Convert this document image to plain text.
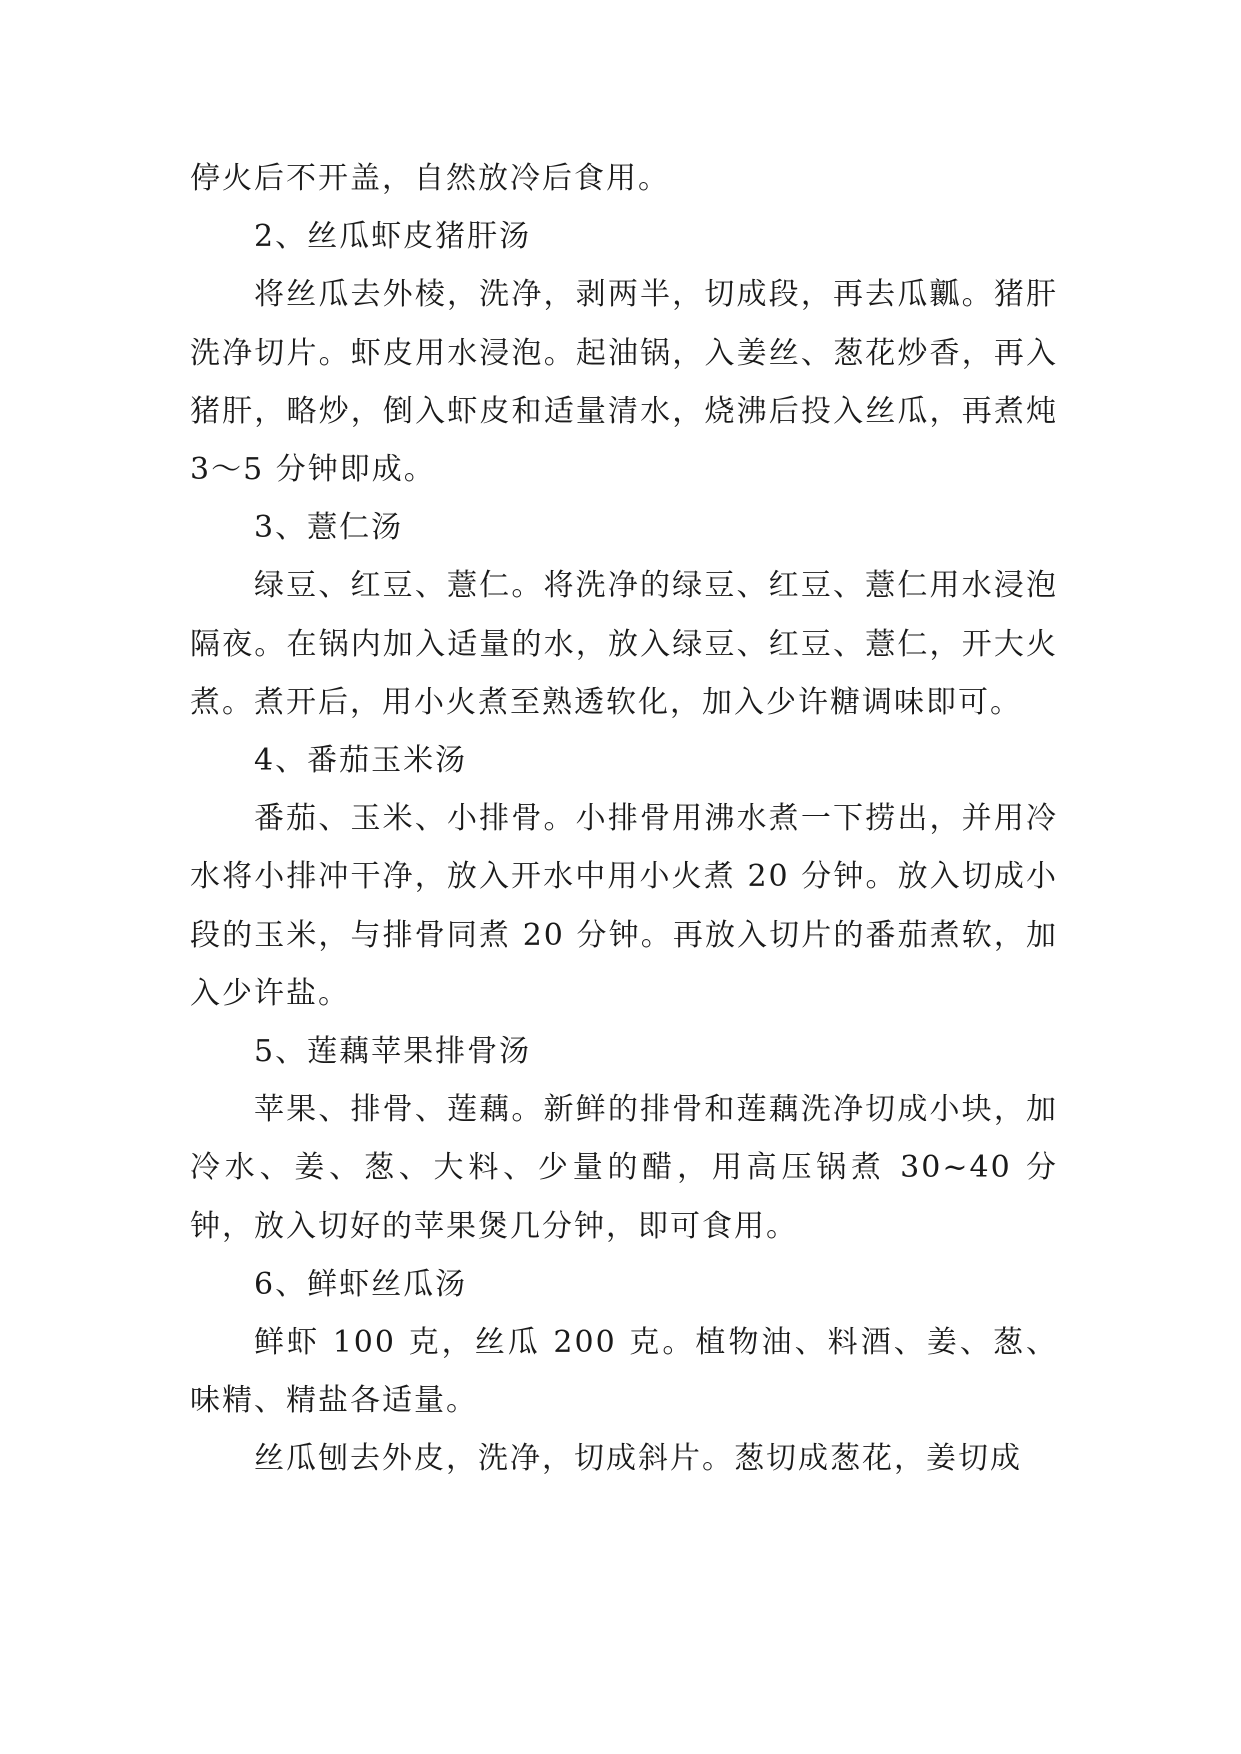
停火后不开盖，自然放冷后食用。

2、丝瓜虾皮猪肝汤

将丝瓜去外棱，洗净，剥两半，切成段，再去瓜瓤。猪肝洗净切片。虾皮用水浸泡。起油锅，入姜丝、葱花炒香，再入猪肝，略炒，倒入虾皮和适量清水，烧沸后投入丝瓜，再煮炖 3～5 分钟即成。

3、薏仁汤

绿豆、红豆、薏仁。将洗净的绿豆、红豆、薏仁用水浸泡隔夜。在锅内加入适量的水，放入绿豆、红豆、薏仁，开大火煮。煮开后，用小火煮至熟透软化，加入少许糖调味即可。

4、番茄玉米汤

番茄、玉米、小排骨。小排骨用沸水煮一下捞出，并用冷水将小排冲干净，放入开水中用小火煮 20 分钟。放入切成小段的玉米，与排骨同煮 20 分钟。再放入切片的番茄煮软，加入少许盐。

5、莲藕苹果排骨汤

苹果、排骨、莲藕。新鲜的排骨和莲藕洗净切成小块，加冷水、姜、葱、大料、少量的醋，用高压锅煮 30~40 分钟，放入切好的苹果煲几分钟，即可食用。

6、鲜虾丝瓜汤

鲜虾 100 克，丝瓜 200 克。植物油、料酒、姜、葱、味精、精盐各适量。

丝瓜刨去外皮，洗净，切成斜片。葱切成葱花，姜切成
